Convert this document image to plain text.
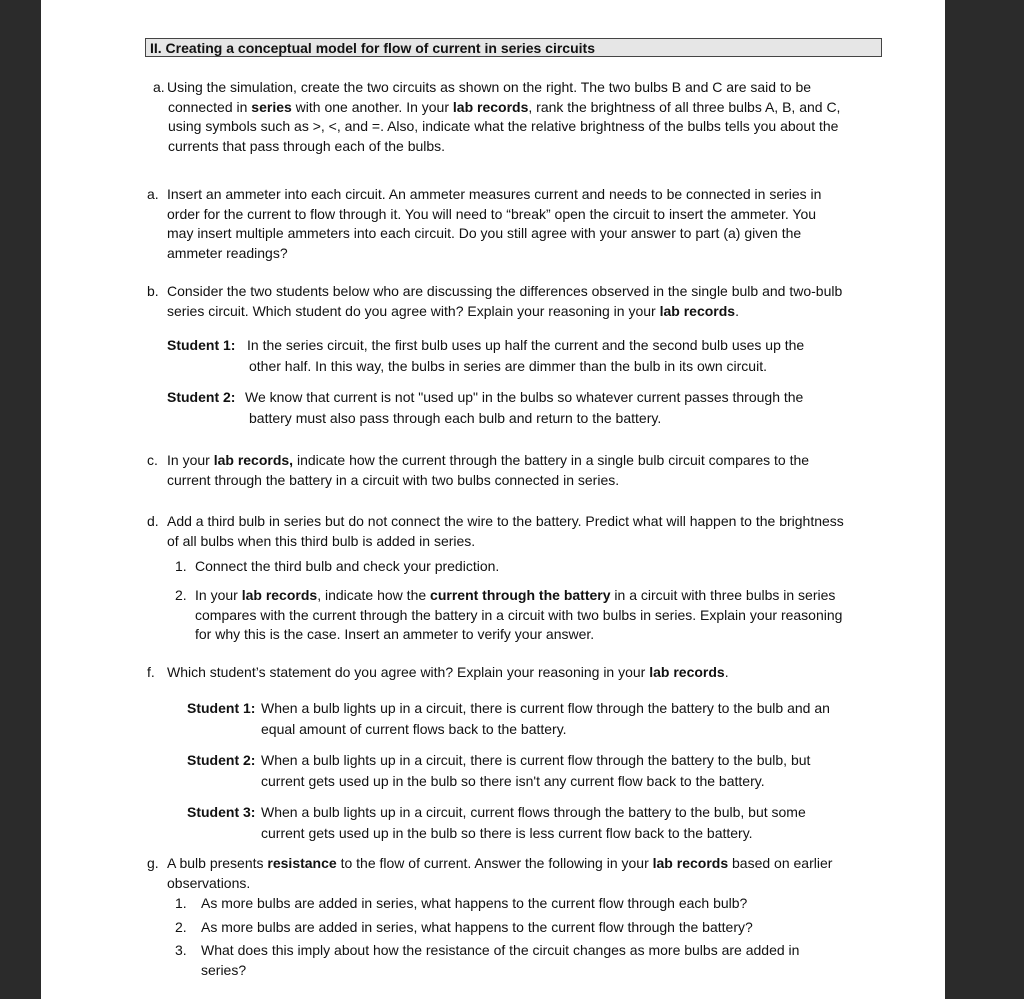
II. Creating a conceptual model for flow of current in series circuits
a. Using the simulation, create the two circuits as shown on the right. The two bulbs B and C are said to be connected in series with one another. In your lab records, rank the brightness of all three bulbs A, B, and C, using symbols such as >, <, and =. Also, indicate what the relative brightness of the bulbs tells you about the currents that pass through each of the bulbs.
a. Insert an ammeter into each circuit. An ammeter measures current and needs to be connected in series in order for the current to flow through it. You will need to “break” open the circuit to insert the ammeter. You may insert multiple ammeters into each circuit. Do you still agree with your answer to part (a) given the ammeter readings?
b. Consider the two students below who are discussing the differences observed in the single bulb and two-bulb series circuit. Which student do you agree with? Explain your reasoning in your lab records.
Student 1: In the series circuit, the first bulb uses up half the current and the second bulb uses up the other half. In this way, the bulbs in series are dimmer than the bulb in its own circuit.
Student 2: We know that current is not "used up" in the bulbs so whatever current passes through the battery must also pass through each bulb and return to the battery.
c. In your lab records, indicate how the current through the battery in a single bulb circuit compares to the current through the battery in a circuit with two bulbs connected in series.
d. Add a third bulb in series but do not connect the wire to the battery. Predict what will happen to the brightness of all bulbs when this third bulb is added in series.
1. Connect the third bulb and check your prediction.
2. In your lab records, indicate how the current through the battery in a circuit with three bulbs in series compares with the current through the battery in a circuit with two bulbs in series. Explain your reasoning for why this is the case. Insert an ammeter to verify your answer.
f. Which student’s statement do you agree with? Explain your reasoning in your lab records.
Student 1: When a bulb lights up in a circuit, there is current flow through the battery to the bulb and an equal amount of current flows back to the battery.
Student 2: When a bulb lights up in a circuit, there is current flow through the battery to the bulb, but current gets used up in the bulb so there isn't any current flow back to the battery.
Student 3: When a bulb lights up in a circuit, current flows through the battery to the bulb, but some current gets used up in the bulb so there is less current flow back to the battery.
g. A bulb presents resistance to the flow of current. Answer the following in your lab records based on earlier observations.
1.	As more bulbs are added in series, what happens to the current flow through each bulb?
2.	As more bulbs are added in series, what happens to the current flow through the battery?
3.	What does this imply about how the resistance of the circuit changes as more bulbs are added in series?
